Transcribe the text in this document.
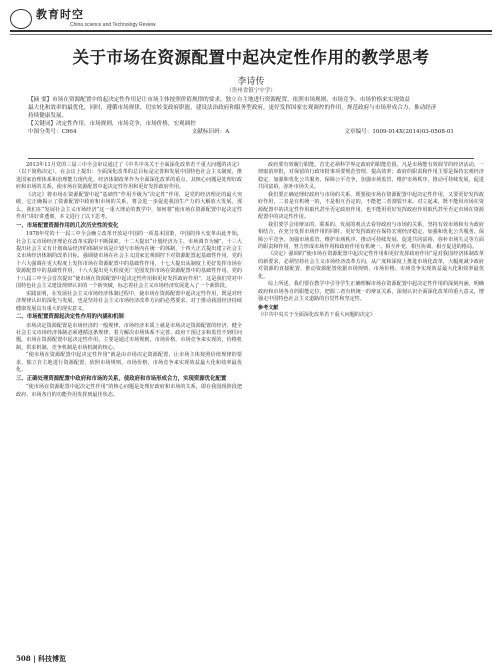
教育时空
China science and Technology Review
关于市场在资源配置中起决定性作用的教学思考
李诗传
（贵州省镇宁中学）
【摘 要】市场在资源配置中的起决定性作用是让市场主体按照价值规律的要求，独立自主地进行资源配置，依照市场规则、市场竞争、市场价格来实现效益
最大化和效率的最优化，同时，遵循市场规律，切实转变政府职能，建设法治政府和服务型政府，更好发挥国家宏观调控的作用，规范政府与市场形成合力，推动经济
持续健康发展。
【关键词】决定性作用，市场规则，市场竞争，市场价格，宏观调控
中图分类号：C964	文献标识码：A	文章编号：1009-914X(2014)03-0508-01

2013年11月党的三届三中全会审议通过了《中共中央关于全面深化改革若干重大问题的决定》（以下简称决定），在会议上提出：全面深化改革的总目标是完善和发展中国特色社会主义制度，推进国家治理体系和治理能力现代化。经济体制改革作为全面深化改革的重点，其核心问题是处理好政府和市场的关系，使市场在资源配置中起决定性作用和更好发挥政府作用。

《决定》将市场在资源配置中起“基础性”作用升级为“决定性”作用，是党的经济理论的最大突破，它正确揭示了资源配置中政府和市场的关系，将会进一步促进我国生产力的大解放大发展。那么，我们在“发展社会主义市场经济”这一重大理论的教学中，如何将“使市场在资源配置中起决定性作用”讲好讲透彻，本文进行了以下思考。

一、市场配置资源作用的几次历史性的变化

1978年党的十一届三中全会确立改革开放是中国的一项基本国策，中国的伟大变革由此开始，社会主义市场经济理论在改革实践中不断探索。十二大提出“计划经济为主、市场调节为辅”，十三大提出社会主义有计划商品经济的体制应该是计划与市场内在统一的体制，十四大正式提出建立社会主义市场经济体制的改革目标，强调使市场在社会主义国家宏观调控下对资源配置起基础性作用。党的十六大强调在更大程度上发挥市场在资源配置中的基础性作用，十七大提出从制度上更好发挥市场在资源配置中的基础性作用，十八大提出更大程度更广范围发挥市场在资源配置中的基础性作用。党的十八届三中全会首次提出“使市场在资源配置中起决定性作用和更好发挥政府作用”，这是我们党对中国特色社会主义建设规律认识的一个新突破，标志着社会主义市场经济发展进入了一个新阶段。

实践证明，在发展社会主义市场经济体制过程中，使市场在资源配置中起决定性作用，既是对经济规律认识的深化与发展，也是坚持社会主义市场经济改革方向的必然要求，对于推动我国经济持续健康发展具有重大的现实意义。

二、市场配置资源起决定性作用的内涵和机制

市场决定资源配置是市场经济的一般规律，市场经济本质上就是市场决定资源配置的经济。健全社会主义市场经济体制必须遵循这条规律，着力解决市场体系不完善、政府干预过多和监管不到位问题。市场在资源配置中起决定性作用，主要是通过市场规则、市场价格、市场竞争来实现的，价格机制、供求机制、竞争机制是市场机制的核心。

“使市场在资源配置中起决定性作用”就是由市场决定资源配置，让市场主体按照价值规律的要求，独立自主地进行资源配置，依照市场规则、市场价格、市场竞争来实现效益最大化和效率最优化。

三、正确处理资源配置中政府和市场的关系，使政府和市场形成合力，实现资源优化配置

“使市场在资源配置中起决定性作用”的核心问题是处理好政府和市场的关系，即在我国现阶段把政府、市场各自的功能作用发挥到最佳状态。

政府要有效履行职能，首先必须科学界定政府的职能范围，凡是市场能有效调节的经济活动，一律取消审批，对保留的行政审批事项要规范管理、提高效率；政府的职责和作用主要是保持宏观经济稳定，加强和优化公共服务，保障公平竞争，加强市场监管，维护市场秩序，推动可持续发展，促进共同富裕，弥补市场失灵。

我们要正确处理好政府与市场的关系，既要使市场在资源配置中起决定性作用，又要更好发挥政府作用，二者是有机统一的，不是相互否定的，不能把二者割裂开来、对立起来，既不能用市场在资源配置中的决定性作用取代甚至否定政府作用，也不能用更好发挥政府作用取代甚至否定市场在资源配置中的决定性作用。

我们要学会用辩证的、联系的、发展的观点去看待政府与市场的关系，坚持有效市场和有为政府相结合，在充分发挥市场作用的同时，更好发挥政府在保持宏观经济稳定、加强和优化公共服务、保障公平竞争、加强市场监管、维护市场秩序、推动可持续发展、促进共同富裕、弥补市场失灵等方面的职责和作用，努力形成市场作用和政府作用有机统一、相互补充、相互协调、相互促进的格局。

《决定》强调的“使市场在资源配置中起决定性作用和更好发挥政府作用”是对我国经济体制改革的新要求，必须坚持社会主义市场经济改革方向，从广度和深度上推进市场化改革，大幅度减少政府对资源的直接配置，推动资源配置依据市场规则、市场价格、市场竞争实现效益最大化和效率最优化。

综上所述，我们要在教学中引导学生正确理解市场在资源配置中起决定性作用的深刻内涵，明确政府和市场各自的职能定位，把握二者有机统一的辩证关系，深刻认识全面深化改革的重大意义，增强走中国特色社会主义道路的自觉性和坚定性。

参考文献

《中共中央关于全面深化改革若干重大问题的决定》

508 | 科技博览
